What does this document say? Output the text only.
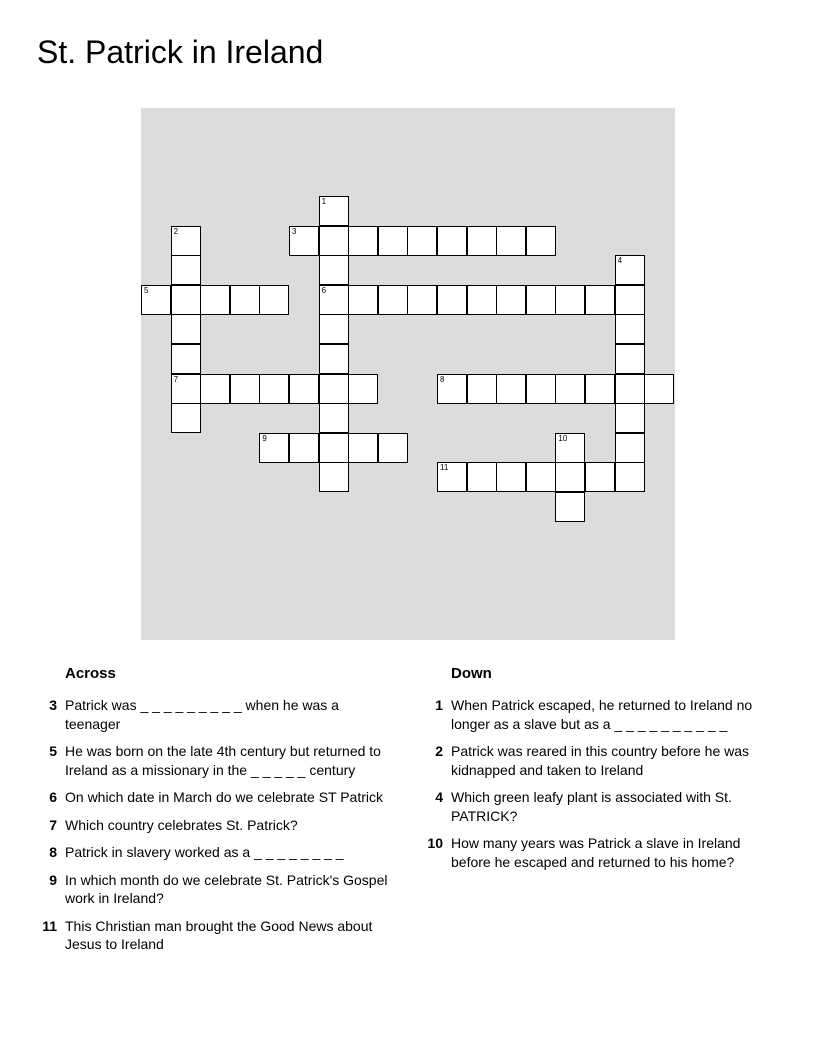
St. Patrick in Ireland
1
2	3
4
5	6
7	8
9	10
11
Across
3 Patrick was _ _ _ _ _ _ _ _ _ when he was a teenager
5 He was born on the late 4th century but returned to Ireland as a missionary in the _ _ _ _ _ century
6 On which date in March do we celebrate ST Patrick
7 Which country celebrates St. Patrick?
8 Patrick in slavery worked as a _ _ _ _ _ _ _ _
9 In which month do we celebrate St. Patrick's Gospel work in Ireland?
11 This Christian man brought the Good News about Jesus to Ireland
Down
1 When Patrick escaped, he returned to Ireland no longer as a slave but as a _ _ _ _ _ _ _ _ _ _
2 Patrick was reared in this country before he was kidnapped and taken to Ireland
4 Which green leafy plant is associated with St. PATRICK?
10 How many years was Patrick a slave in Ireland before he escaped and returned to his home?
